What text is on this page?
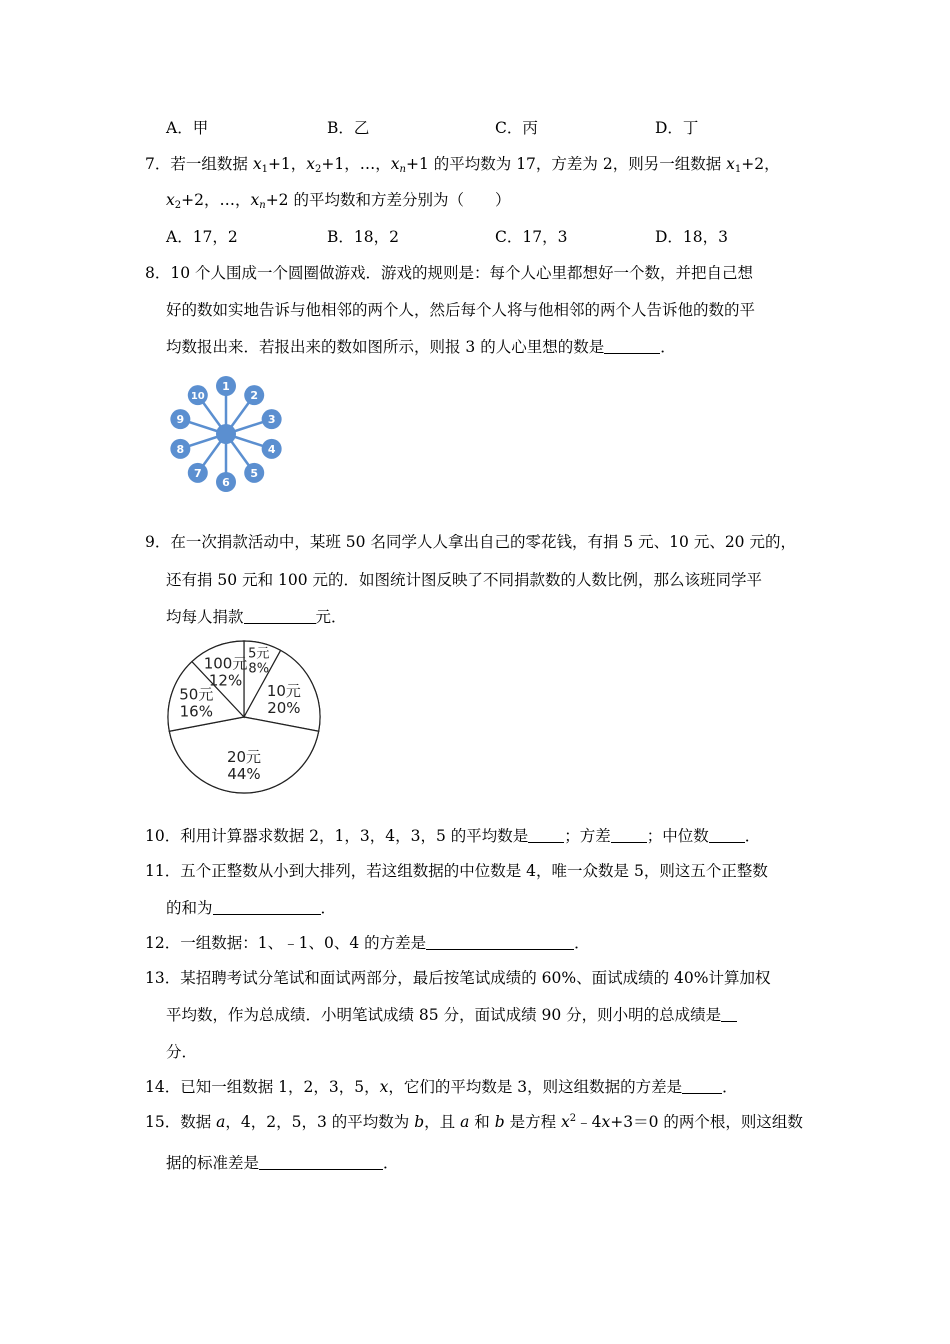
A．甲	B．乙	C．丙	D．丁
7．若一组数据 $x_1+1$，$x_2+1$，…，$x_n+1$ 的平均数为 17，方差为 2，则另一组数据 $x_1+2$，
$x_2+2$，…，$x_n+2$ 的平均数和方差分别为（　　）
A．17，2	B．18，2	C．17，3	D．18，3
8．10 个人围成一个圆圈做游戏．游戏的规则是：每个人心里都想好一个数，并把自己想
好的数如实地告诉与他相邻的两个人，然后每个人将与他相邻的两个人告诉他的数的平
均数报出来．若报出来的数如图所示，则报 3 的人心里想的数是	．
1
2
3
4
5
6
7
8
9
10
9．在一次捐款活动中，某班 50 名同学人人拿出自己的零花钱，有捐 5 元、10 元、20 元的，
还有捐 50 元和 100 元的．如图统计图反映了不同捐款数的人数比例，那么该班同学平
均每人捐款	元．
5元
8%
10元
20%
20元
44%
50元
16%
100元
12%
10．利用计算器求数据 2，1，3，4，3，5 的平均数是 ；方差 ；中位数 ．
11．五个正整数从小到大排列，若这组数据的中位数是 4，唯一众数是 5，则这五个正整数
的和为	．
12．一组数据：1、﹣1、0、4 的方差是	．
13．某招聘考试分笔试和面试两部分，最后按笔试成绩的 60%、面试成绩的 40%计算加权
平均数，作为总成绩．小明笔试成绩 85 分，面试成绩 90 分，则小明的总成绩是
分．
14．已知一组数据 1，2，3，5，x，它们的平均数是 3，则这组数据的方差是	．
15．数据 a，4，2，5，3 的平均数为 b，且 a 和 b 是方程 $x^2﹣4x+3=0$ 的两个根，则这组数
据的标准差是	．
